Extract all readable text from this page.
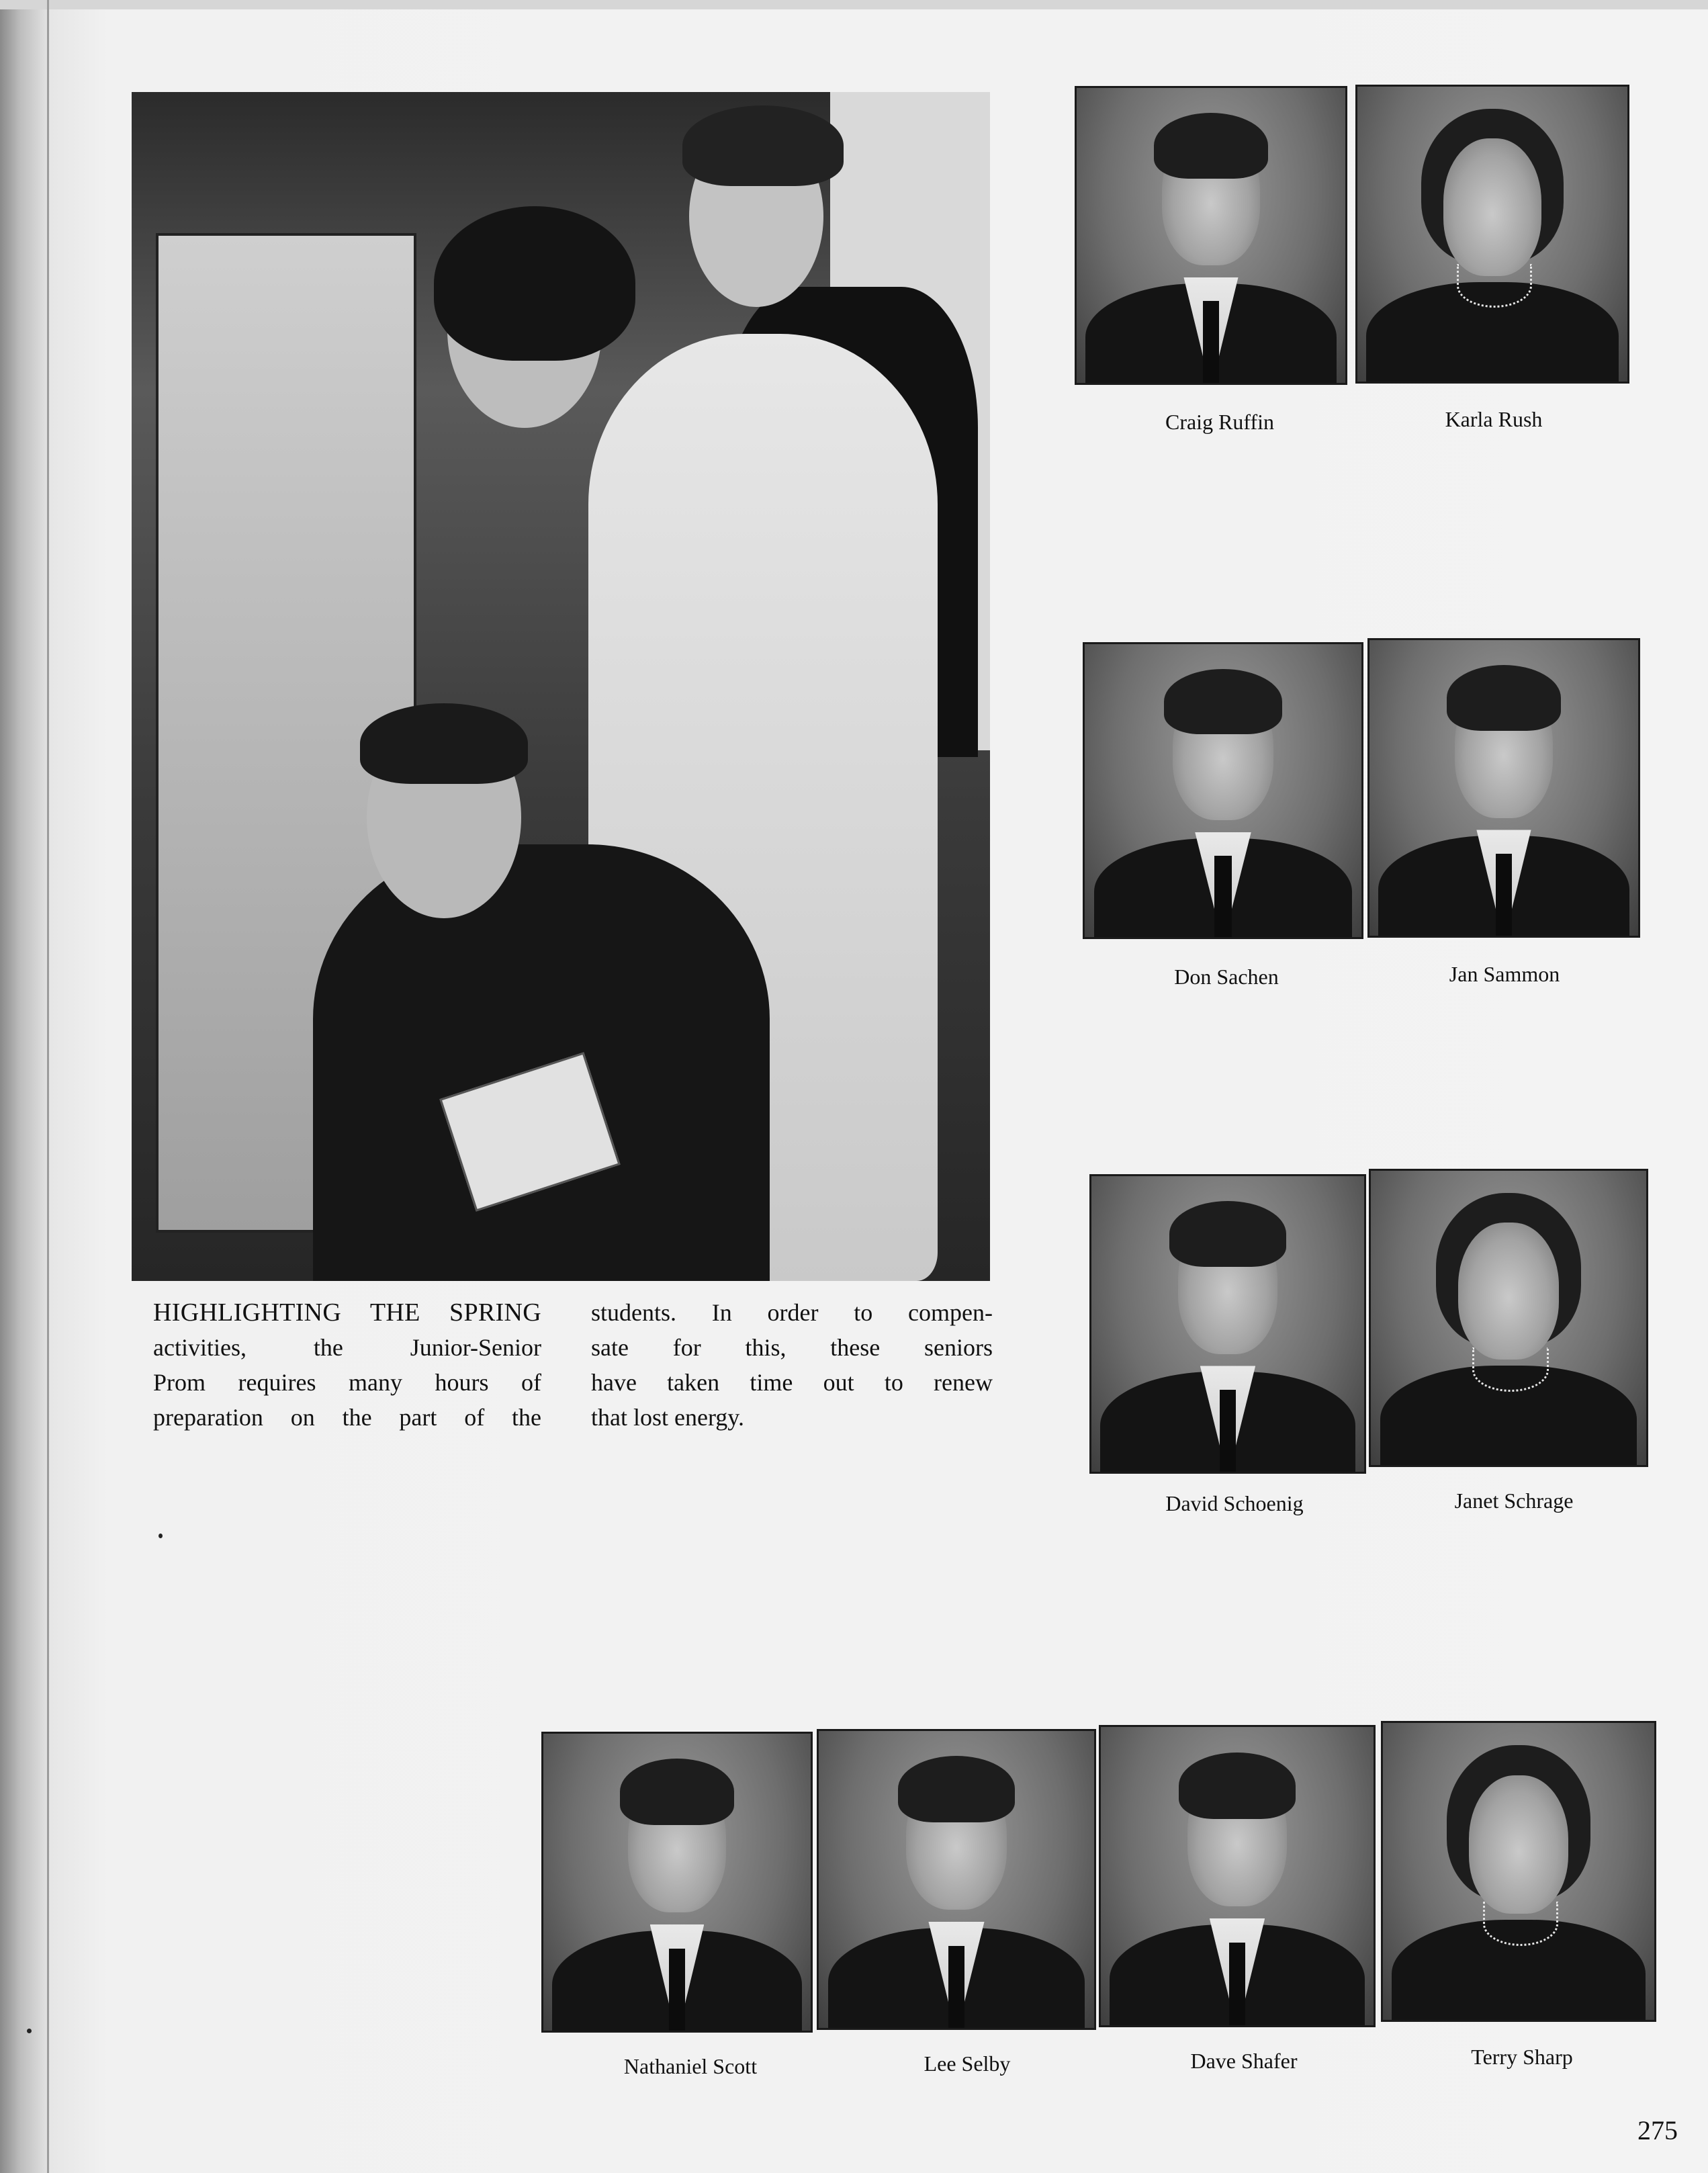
HIGHLIGHTING THE SPRING
activities, the Junior-Senior
Prom requires many hours of
preparation on the part of the
students. In order to compen-
sate for this, these seniors
have taken time out to renew
that lost energy.
Craig Ruffin	Karla Rush
Don Sachen	Jan Sammon
David Schoenig	Janet Schrage
Nathaniel Scott	Lee Selby	Dave Shafer	Terry Sharp
275
